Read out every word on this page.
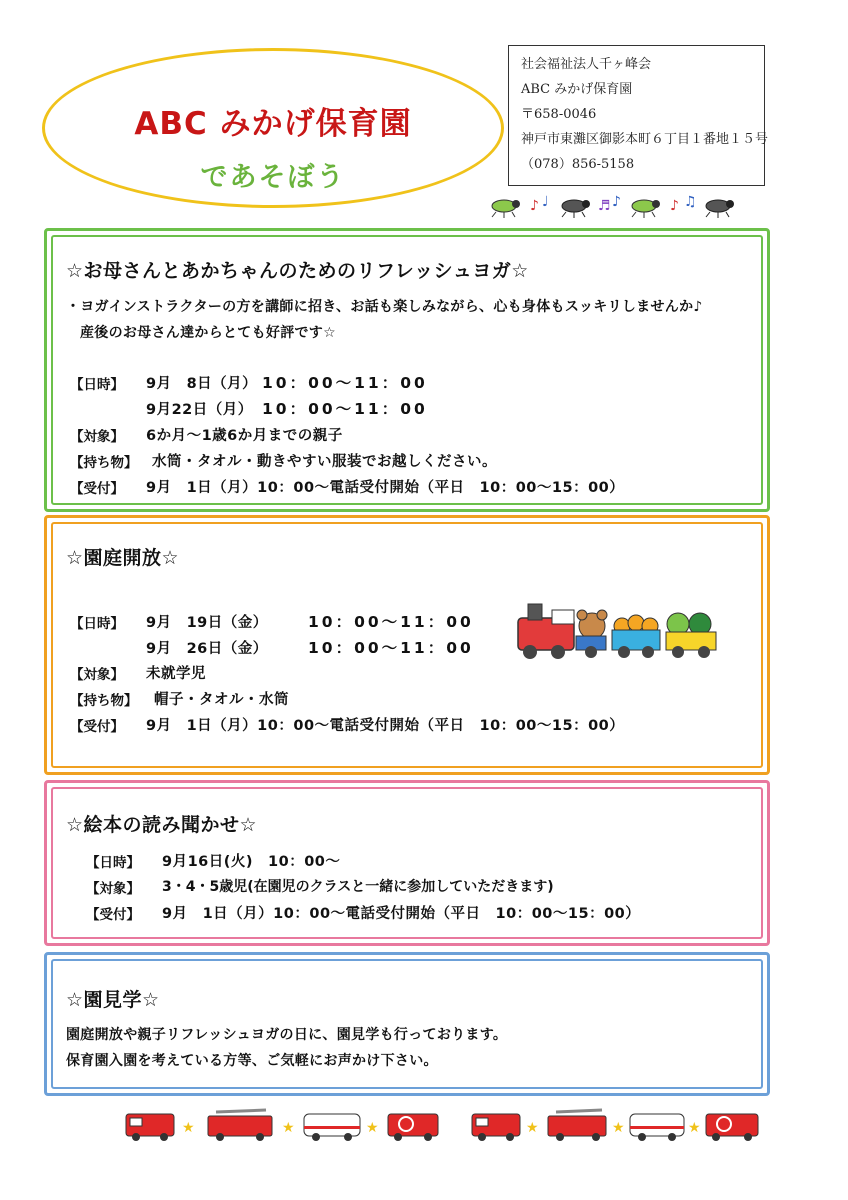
ABC みかげ保育園
であそぼう
社会福祉法人千ヶ峰会
ABC みかげ保育園
〒658-0046
神戸市東灘区御影本町６丁目１番地１５号
（078）856-5158
♪ ♩	♬ ♪	♪ ♫
☆お母さんとあかちゃんのためのリフレッシュヨガ☆
・ヨガインストラクターの方を講師に招き、お話も楽しみながら、心も身体もスッキリしませんか♪
産後のお母さん達からとても好評です☆
【日時】 9月　8日（月） 10：00〜11：00
9月22日（月） 10：00〜11：00
【対象】 6か月〜1歳6か月までの親子
【持ち物】 水筒・タオル・動きやすい服装でお越しください。
【受付】 9月　1日（月）10：00〜電話受付開始（平日　10：00〜15：00）
☆園庭開放☆
【日時】 9月　19日（金）	10：00〜11：00
9月　26日（金）	10：00〜11：00
【対象】 未就学児
【持ち物】 帽子・タオル・水筒
【受付】 9月　1日（月）10：00〜電話受付開始（平日　10：00〜15：00）
☆絵本の読み聞かせ☆
【日時】 9月16日(火)　10：00〜
【対象】 3・4・5歳児(在園児のクラスと一緒に参加していただきます)
【受付】 9月　1日（月）10：00〜電話受付開始（平日　10：00〜15：00）
☆園見学☆
園庭開放や親子リフレッシュヨガの日に、園見学も行っております。
保育園入園を考えている方等、ご気軽にお声かけ下さい。
★	★	★	★	★	★
